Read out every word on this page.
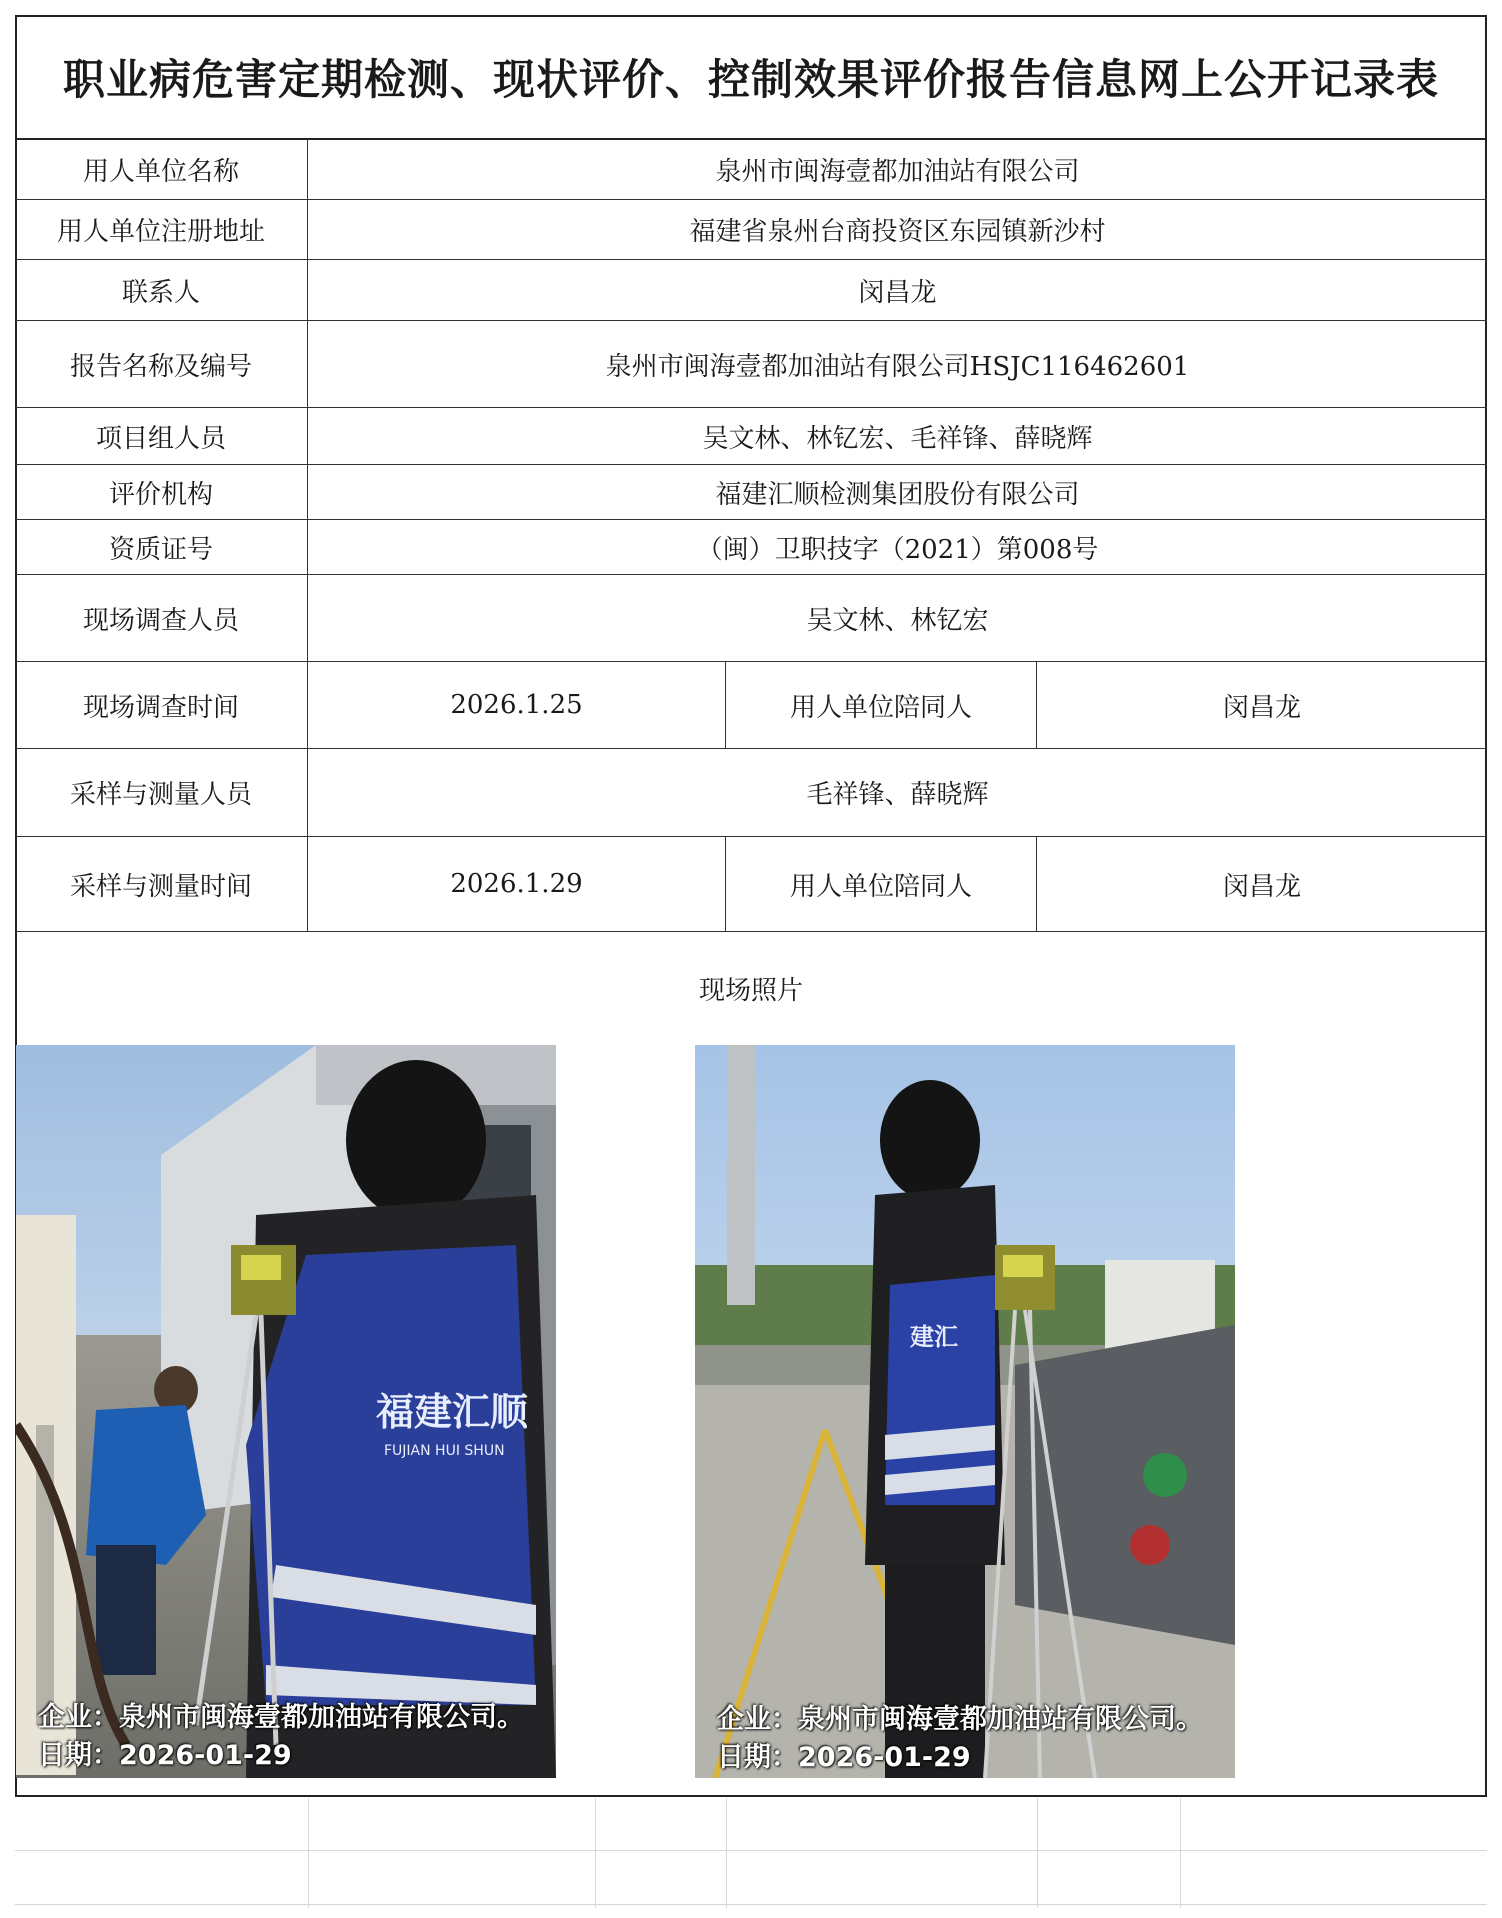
职业病危害定期检测、现状评价、控制效果评价报告信息网上公开记录表
用人单位名称	泉州市闽海壹都加油站有限公司
用人单位注册地址	福建省泉州台商投资区东园镇新沙村
联系人	闵昌龙
报告名称及编号	泉州市闽海壹都加油站有限公司HSJC116462601
项目组人员	吴文林、林钇宏、毛祥锋、薛晓辉
评价机构	福建汇顺检测集团股份有限公司
资质证号	（闽）卫职技字（2021）第008号
现场调查人员	吴文林、林钇宏
现场调查时间	2026.1.25	用人单位陪同人	闵昌龙
采样与测量人员	毛祥锋、薛晓辉
采样与测量时间	2026.1.29	用人单位陪同人	闵昌龙
现场照片
福建汇顺
FUJIAN HUI SHUN
企业：泉州市闽海壹都加油站有限公司。
日期：2026-01-29
建汇
企业：泉州市闽海壹都加油站有限公司。
日期：2026-01-29
